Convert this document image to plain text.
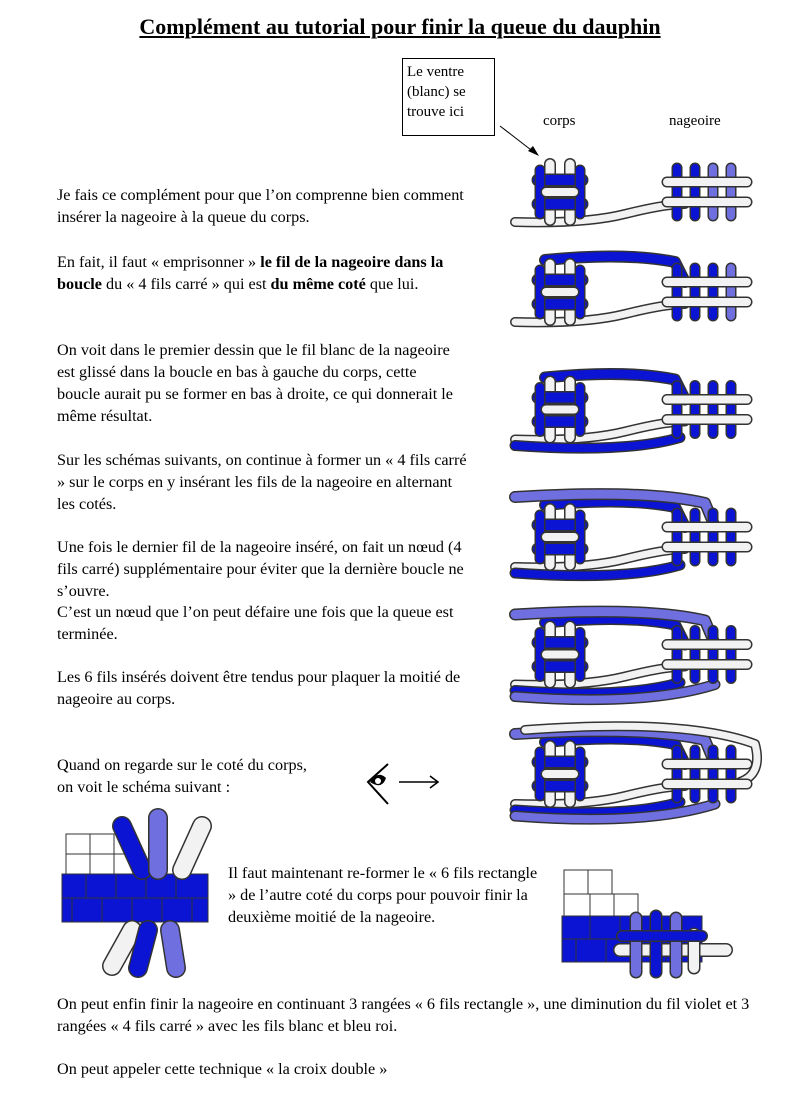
Complément au tutorial pour finir la queue du dauphin
Le ventre (blanc) se trouve ici
corps	nageoire
Je fais ce complément pour que l’on comprenne bien comment insérer la nageoire à la queue du corps.
En fait, il faut « emprisonner » le fil de la nageoire dans la boucle du « 4 fils carré » qui est du même coté que lui.
On voit dans le premier dessin que le fil blanc de la nageoire est glissé dans la boucle en bas à gauche du corps, cette boucle aurait pu se former en bas à droite, ce qui donnerait le même résultat.
Sur les schémas suivants, on continue à former un « 4 fils carré » sur le corps en y insérant les fils de la nageoire en alternant les cotés.
Une fois le dernier fil de la nageoire inséré, on fait un nœud (4 fils carré) supplémentaire pour éviter que la dernière boucle ne s’ouvre.
C’est un nœud que l’on peut défaire une fois que la queue est terminée.
Les 6 fils insérés doivent être tendus pour plaquer la moitié de nageoire au corps.
Quand on regarde sur le coté du corps, on voit le schéma suivant :
Il faut maintenant re-former le « 6 fils rectangle » de l’autre coté du corps pour pouvoir finir la deuxième moitié de la nageoire.
On peut enfin finir la nageoire en continuant 3 rangées « 6 fils rectangle », une diminution du fil violet et 3 rangées « 4 fils carré » avec les fils blanc et bleu roi.
On peut appeler cette technique « la croix double »
